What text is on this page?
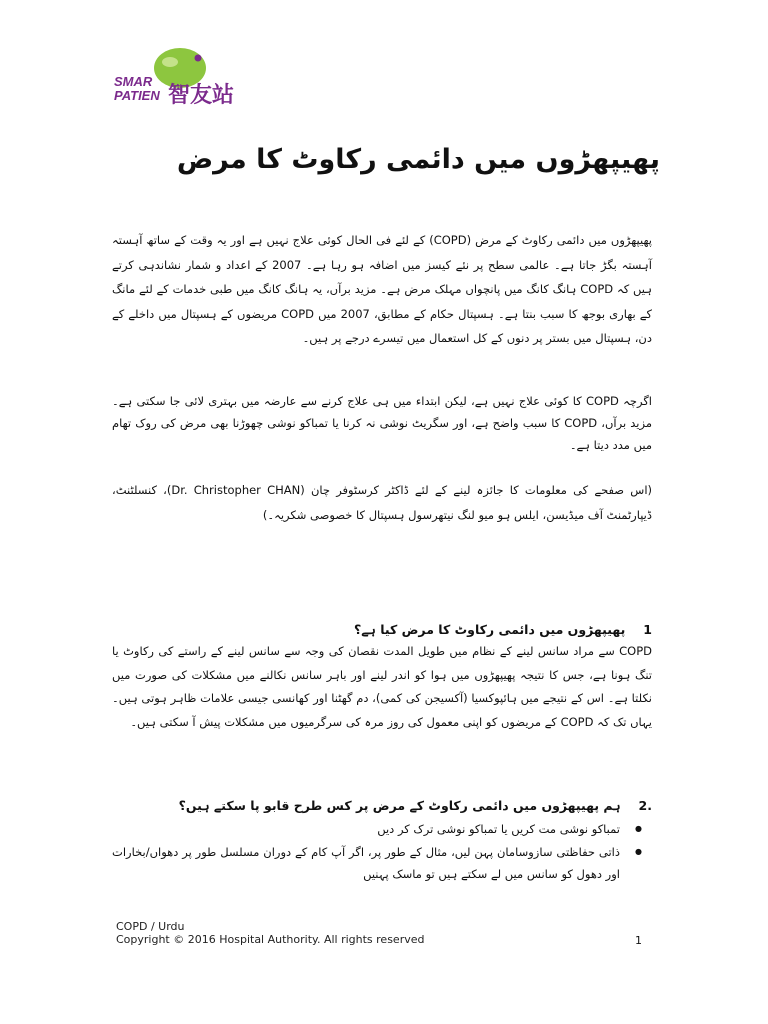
SMAR
PATIEN 智友站
پھیپھڑوں میں دائمی رکاوٹ کا مرض
پھیپھڑوں میں دائمی رکاوٹ کے مرض (COPD) کے لئے فی الحال کوئی علاج نہیں ہے اور یہ وقت کے ساتھ آہستہ آہستہ بگڑ جاتا ہے۔ عالمی سطح پر نئے کیسز میں اضافہ ہو رہا ہے۔ 2007 کے اعداد و شمار نشاندہی کرتے ہیں کہ COPD ہانگ کانگ میں پانچواں مہلک مرض ہے۔ مزید برآں، یہ ہانگ کانگ میں طبی خدمات کے لئے مانگ کے بھاری بوجھ کا سبب بنتا ہے۔ ہسپتال حکام کے مطابق، 2007 میں COPD مریضوں کے ہسپتال میں داخلے کے دن، ہسپتال میں بستر پر دنوں کے کل استعمال میں تیسرے درجے پر ہیں۔
اگرچہ COPD کا کوئی علاج نہیں ہے، لیکن ابتداء میں ہی علاج کرنے سے عارضہ میں بہتری لائی جا سکتی ہے۔ مزید برآں، COPD کا سبب واضح ہے، اور سگریٹ نوشی نہ کرنا یا تمباکو نوشی چھوڑنا بھی مرض کی روک تھام میں مدد دیتا ہے۔
(اس صفحے کی معلومات کا جائزہ لینے کے لئے ڈاکٹر کرسٹوفر چان (Dr. Christopher CHAN)، کنسلٹنٹ، ڈیپارٹمنٹ آف میڈیسن، ایلس ہو میو لنگ نیتھرسول ہسپتال کا خصوصی شکریہ۔)
1پھیپھڑوں میں دائمی رکاوٹ کا مرض کیا ہے؟
COPD سے مراد سانس لینے کے نظام میں طویل المدت نقصان کی وجہ سے سانس لینے کے راستے کی رکاوٹ یا تنگ ہونا ہے، جس کا نتیجہ پھیپھڑوں میں ہوا کو اندر لینے اور باہر سانس نکالنے میں مشکلات کی صورت میں نکلتا ہے۔ اس کے نتیجے میں ہائپوکسیا (آکسیجن کی کمی)، دم گھٹنا اور کھانسی جیسی علامات ظاہر ہوتی ہیں۔ یہاں تک کہ COPD کے مریضوں کو اپنی معمول کی روز مرہ کی سرگرمیوں میں مشکلات پیش آ سکتی ہیں۔
.2ہم پھیپھڑوں میں دائمی رکاوٹ کے مرض پر کس طرح قابو پا سکتے ہیں؟
● تمباکو نوشی مت کریں یا تمباکو نوشی ترک کر دیں
● ذاتی حفاظتی سازوسامان پہن لیں، مثال کے طور پر، اگر آپ کام کے دوران مسلسل طور پر دھواں/بخارات اور دھول کو سانس میں لے سکتے ہیں تو ماسک پہنیں
COPD / Urdu
Copyright © 2016 Hospital Authority. All rights reserved	1
